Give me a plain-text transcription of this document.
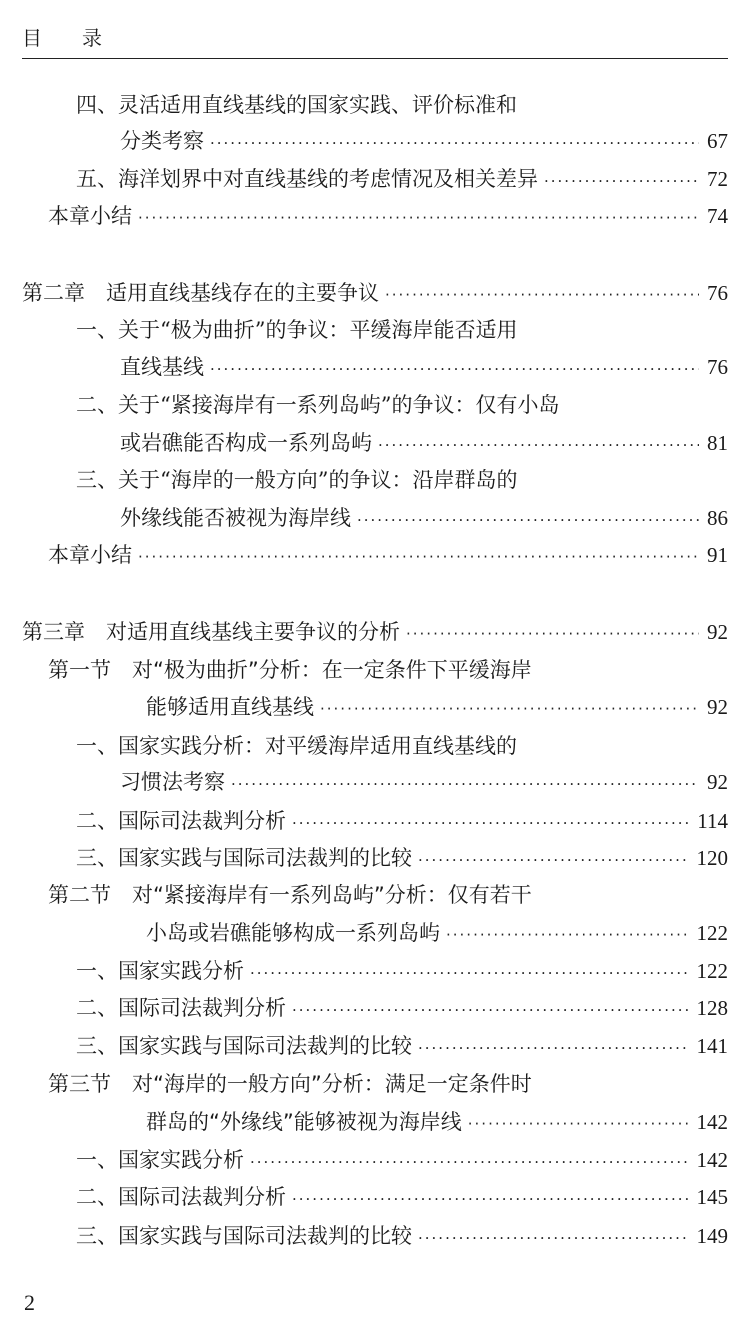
目 录
四、灵活适用直线基线的国家实践、评价标准和
分类考察 ·····	67
五、海洋划界中对直线基线的考虑情况及相关差异 ·····	72
本章小结 ·····	74
第二章　适用直线基线存在的主要争议 ·····	76
一、关于“极为曲折”的争议：平缓海岸能否适用
直线基线 ·····	76
二、关于“紧接海岸有一系列岛屿”的争议：仅有小岛
或岩礁能否构成一系列岛屿 ·····	81
三、关于“海岸的一般方向”的争议：沿岸群岛的
外缘线能否被视为海岸线 ·····	86
本章小结 ·····	91
第三章　对适用直线基线主要争议的分析 ·····	92
第一节　对“极为曲折”分析：在一定条件下平缓海岸
能够适用直线基线 ·····	92
一、国家实践分析：对平缓海岸适用直线基线的
习惯法考察 ·····	92
二、国际司法裁判分析 ·····	114
三、国家实践与国际司法裁判的比较 ·····	120
第二节　对“紧接海岸有一系列岛屿”分析：仅有若干
小岛或岩礁能够构成一系列岛屿 ·····	122
一、国家实践分析 ·····	122
二、国际司法裁判分析 ·····	128
三、国家实践与国际司法裁判的比较 ·····	141
第三节　对“海岸的一般方向”分析：满足一定条件时
群岛的“外缘线”能够被视为海岸线 ·····	142
一、国家实践分析 ·····	142
二、国际司法裁判分析 ·····	145
三、国家实践与国际司法裁判的比较 ·····	149
2
